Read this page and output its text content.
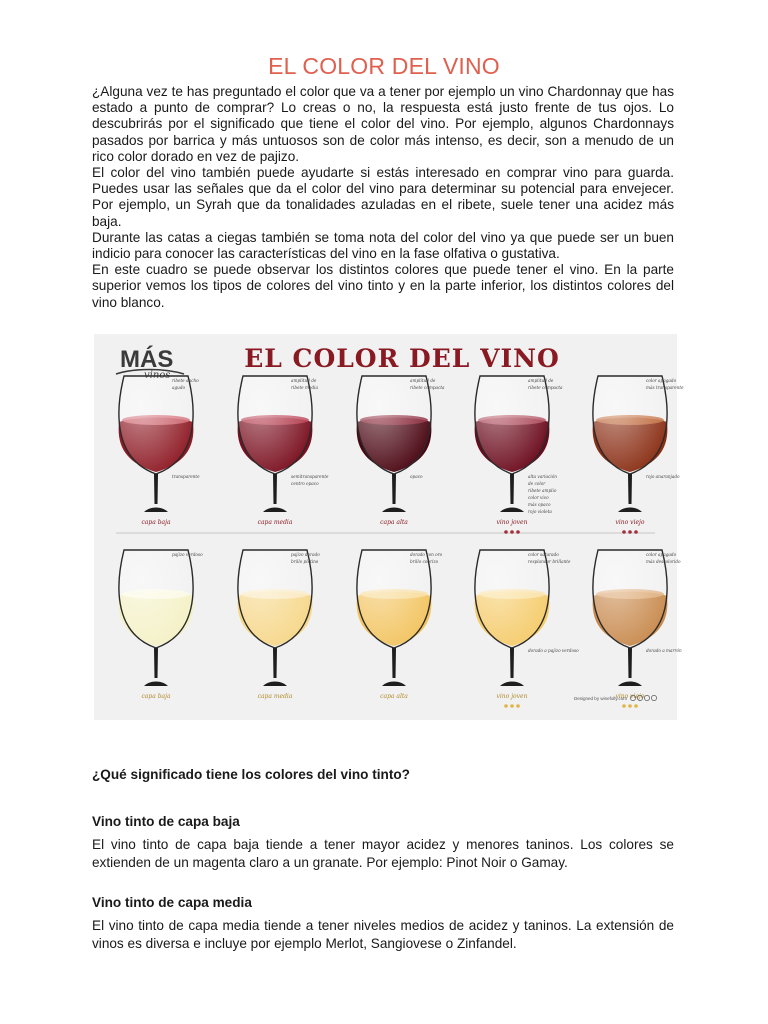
EL COLOR DEL VINO

¿Alguna vez te has preguntado el color que va a tener por ejemplo un vino Chardonnay que has estado a punto de comprar? Lo creas o no, la respuesta está justo frente de tus ojos. Lo descubrirás por el significado que tiene el color del vino. Por ejemplo, algunos Chardonnays pasados por barrica y más untuosos son de color más intenso, es decir, son a menudo de un rico color dorado en vez de pajizo.

El color del vino también puede ayudarte si estás interesado en comprar vino para guarda. Puedes usar las señales que da el color del vino para determinar su potencial para envejecer. Por ejemplo, un Syrah que da tonalidades azuladas en el ribete, suele tener una acidez más baja.

Durante las catas a ciegas también se toma nota del color del vino ya que puede ser un buen indicio para conocer las características del vino en la fase olfativa o gustativa.

En este cuadro se puede observar los distintos colores que puede tener el vino. En la parte superior vemos los tipos de colores del vino tinto y en la parte inferior, los distintos colores del vino blanco.

MÁS	EL COLOR DEL VINO
ribete ancho
agudo
transparente
capa baja
amplitud de
ribete media
semitransparente
centro opaco
capa media
amplitud de
ribete compacta
opaco
capa alta
amplitud de
ribete compacta
alta variación
de color
ribete amplio
color vivo
más opaco
rojo violeta
vino joven
color apagado
más transparente
rojo anaranjado
vino viejo
pajizo verdoso
capa baja
pajizo dorado
brillo platino
capa media
dorado con oro
brillo cobrizo
capa alta
color saturado
resplandor brillante
dorado a pajizo verdoso
vino joven
color apagado
más descolorido
dorado a marrón
vino viejo
Designed by winefolly.com
¿Qué significado tiene los colores del vino tinto?
Vino tinto de capa baja
El vino tinto de capa baja tiende a tener mayor acidez y menores taninos. Los colores se extienden de un magenta claro a un granate. Por ejemplo: Pinot Noir o Gamay.
Vino tinto de capa media
El vino tinto de capa media tiende a tener niveles medios de acidez y taninos. La extensión de vinos es diversa e incluye por ejemplo Merlot, Sangiovese o Zinfandel.
